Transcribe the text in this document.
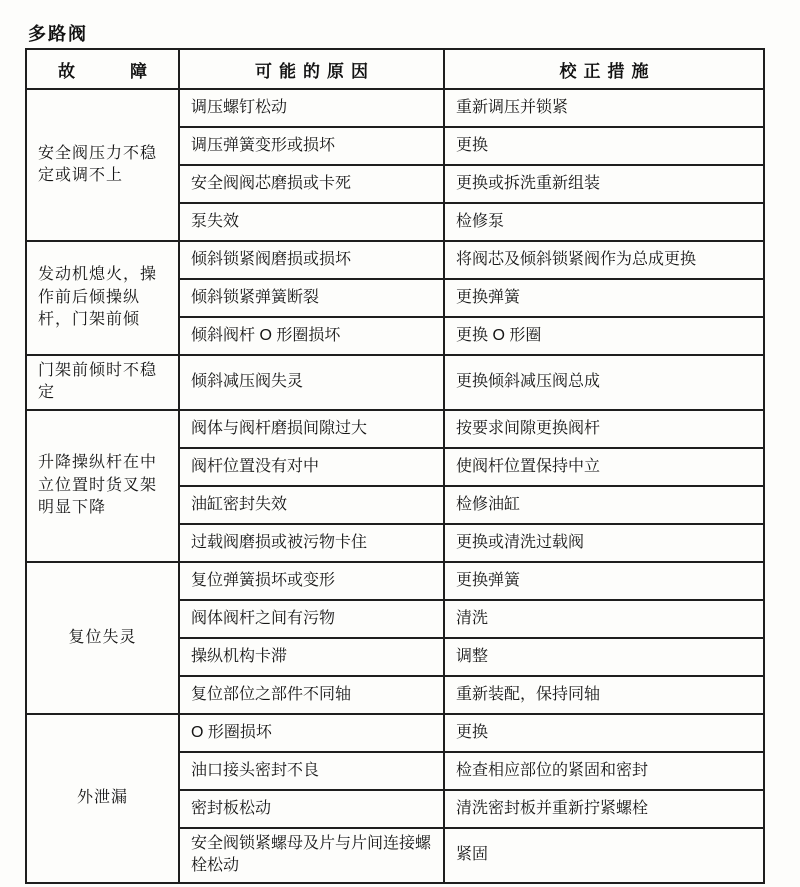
多路阀
故　　障	可能的原因	校正措施
安全阀压力不稳定或调不上	调压螺钉松动	重新调压并锁紧
	调压弹簧变形或损坏	更换
	安全阀阀芯磨损或卡死	更换或拆洗重新组装
	泵失效	检修泵
发动机熄火，操作前后倾操纵杆，门架前倾	倾斜锁紧阀磨损或损坏	将阀芯及倾斜锁紧阀作为总成更换
	倾斜锁紧弹簧断裂	更换弹簧
	倾斜阀杆 O 形圈损坏	更换 O 形圈
门架前倾时不稳定	倾斜减压阀失灵	更换倾斜减压阀总成
升降操纵杆在中立位置时货叉架明显下降	阀体与阀杆磨损间隙过大	按要求间隙更换阀杆
	阀杆位置没有对中	使阀杆位置保持中立
	油缸密封失效	检修油缸
	过载阀磨损或被污物卡住	更换或清洗过载阀
复位失灵	复位弹簧损坏或变形	更换弹簧
	阀体阀杆之间有污物	清洗
	操纵机构卡滞	调整
	复位部位之部件不同轴	重新装配，保持同轴
外泄漏	O 形圈损坏	更换
	油口接头密封不良	检查相应部位的紧固和密封
	密封板松动	清洗密封板并重新拧紧螺栓
	安全阀锁紧螺母及片与片间连接螺栓松动	紧固
